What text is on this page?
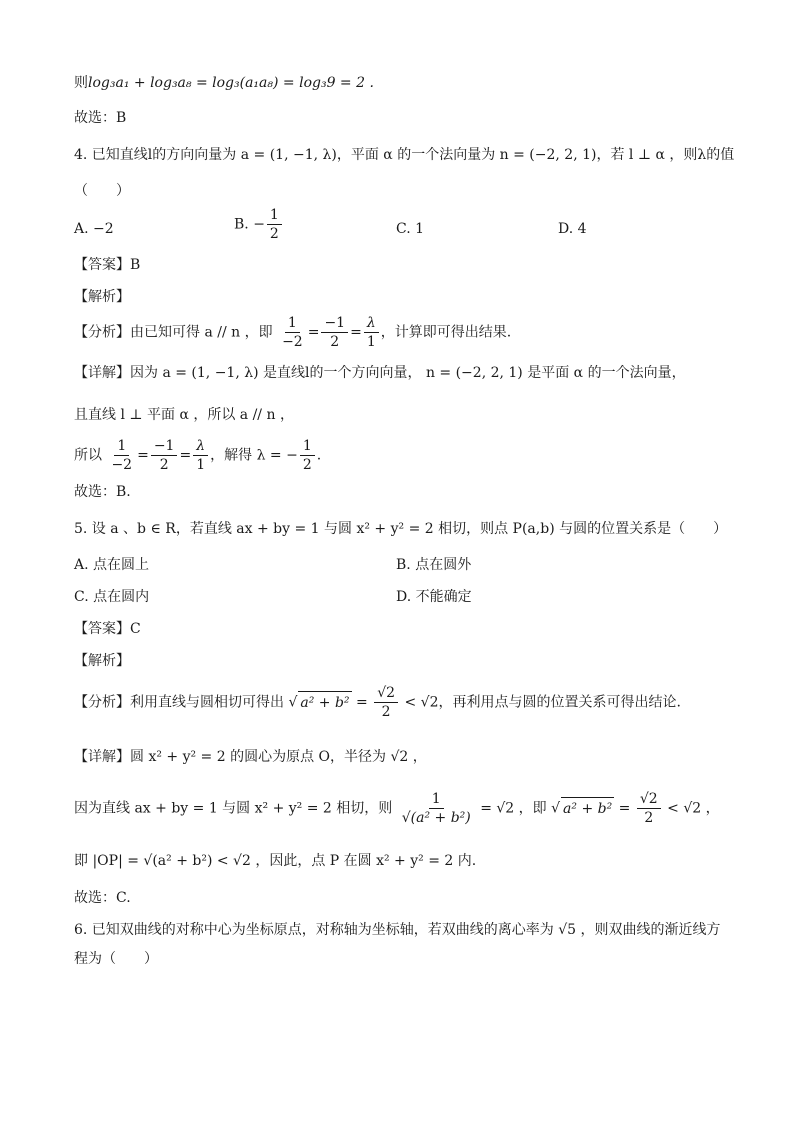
则log₃a₁ + log₃a₈ = log₃(a₁a₈) = log₃9 = 2 .
故选：B
4. 已知直线l的方向向量为 a = (1, −1, λ)，平面 α 的一个法向量为 n = (−2, 2, 1)，若 l ⊥ α ，则λ的值
（　　）
A. −2	B. − $\frac{1}{2}$	C. 1	D. 4
【答案】B
【解析】
【分析】由已知可得 a // n ，即 $\frac{1}{-2} = \frac{-1}{2} = \frac{\lambda}{1}$ ，计算即可得出结果.
【详解】因为 a = (1, −1, λ) 是直线l的一个方向向量， n = (−2, 2, 1) 是平面 α 的一个法向量，
且直线 l ⊥ 平面 α ，所以 a // n ，
所以 $\frac{1}{-2} = \frac{-1}{2} = \frac{\lambda}{1}$ ，解得 λ = − $\frac{1}{2}$ .
故选：B.
5. 设 a 、b ∈ R，若直线 ax + by = 1 与圆 x² + y² = 2 相切，则点 P(a,b) 与圆的位置关系是（　　）
A. 点在圆上	B. 点在圆外
C. 点在圆内	D. 不能确定
【答案】C
【解析】
【分析】利用直线与圆相切可得出 √ $a^2 + b^2 = \frac{√2}{2} < √2$，再利用点与圆的位置关系可得出结论.
【详解】圆 x² + y² = 2 的圆心为原点 O，半径为 √2 ，
因为直线 ax + by = 1 与圆 x² + y² = 2 相切，则 $\frac{1}{\text{√(a² + b²)}} = √2$ ，即 √ $a^2 + b^2 = \frac{√2}{2} < √2$ ，
即 |OP| = √(a² + b²) < √2 ，因此，点 P 在圆 x² + y² = 2 内.
故选：C.
6. 已知双曲线的对称中心为坐标原点，对称轴为坐标轴，若双曲线的离心率为 √5 ，则双曲线的渐近线方
程为（　　）
